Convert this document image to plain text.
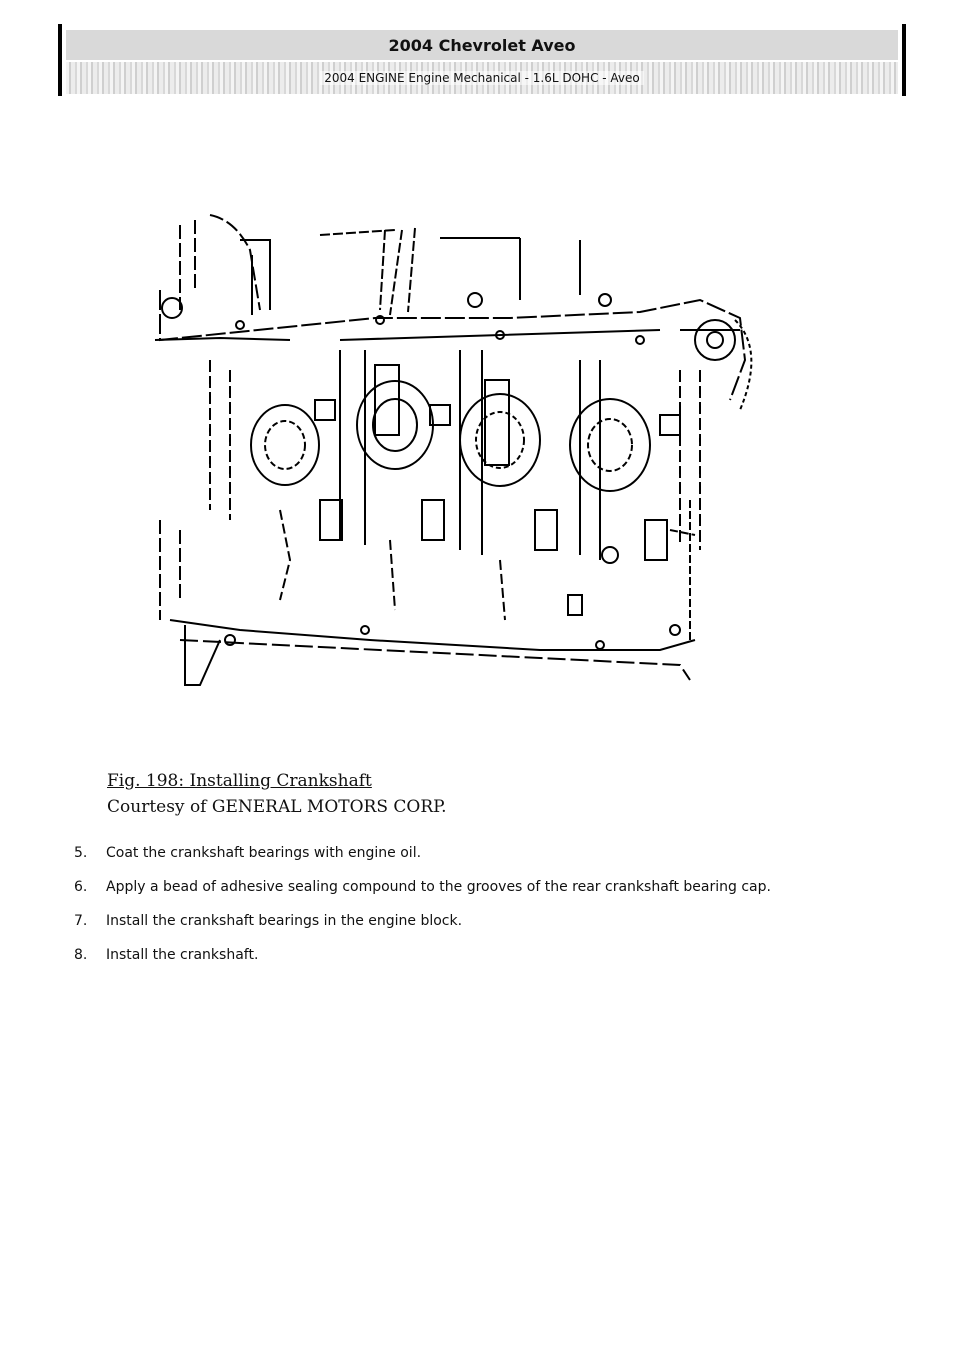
2004 Chevrolet Aveo
2004 ENGINE Engine Mechanical - 1.6L DOHC - Aveo
Fig. 198: Installing Crankshaft
Courtesy of GENERAL MOTORS CORP.
5.	Coat the crankshaft bearings with engine oil.
6.	Apply a bead of adhesive sealing compound to the grooves of the rear crankshaft bearing cap.
7.	Install the crankshaft bearings in the engine block.
8.	Install the crankshaft.
